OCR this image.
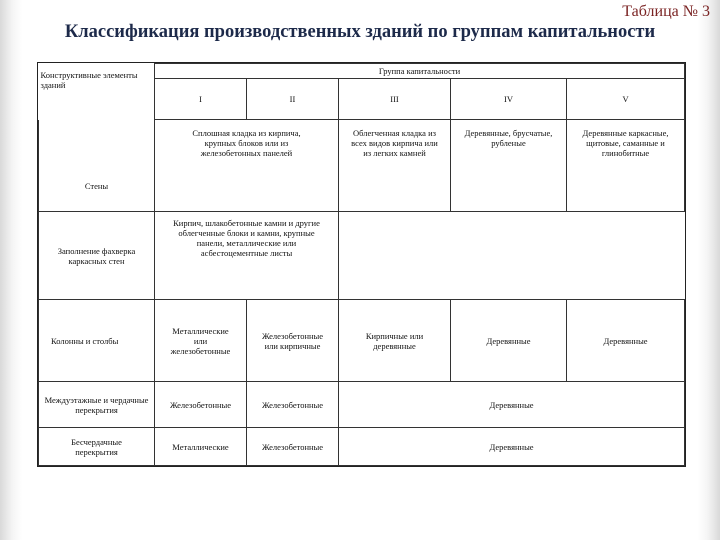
Таблица № 3
Классификация производственных зданий по группам капитальности
Конструктивные элементы зданий	Группа капитальности				
	I	II	III	IV	V
Стены	Сплошная кладка из кирпича, крупных блоков или из железобетонных панелей		Облегченная кладка из всех видов кирпича или из легких камней	Деревянные, брусчатые, рубленые	Деревянные каркасные, щитовые, саманные и глинобитные
Заполнение фахверка каркасных стен	Кирпич, шлакобетонные камни и другие облегченные блоки и камни, крупные панели, металлические или асбестоцементные листы				
Колонны и столбы	Металлические или железобетонные	Железобетонные или кирпичные	Кирпичные или деревянные	Деревянные	Деревянные
Междуэтажные и чердачные перекрытия	Железобетонные	Железобетонные	Деревянные		
Бесчердачные перекрытия	Металлические	Железобетонные	Деревянные		
